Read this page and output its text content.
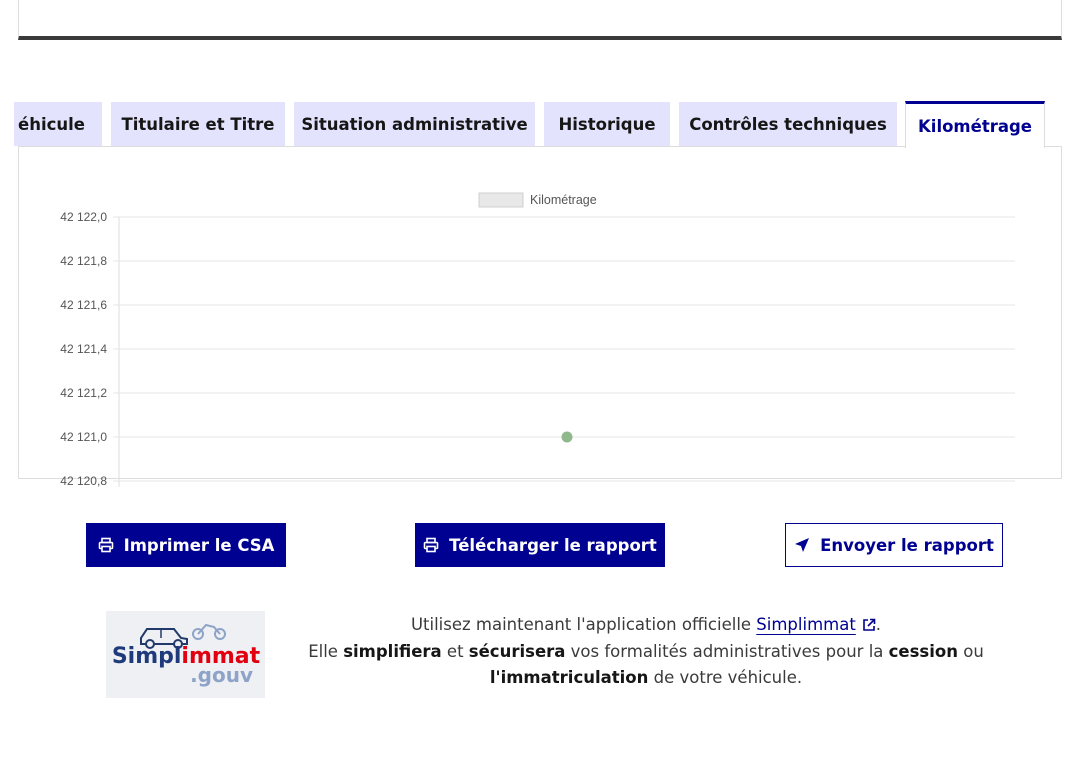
éhicule Titulaire et Titre Situation administrative Historique Contrôles techniques Kilométrage
42 122,0
42 121,8
42 121,6
42 121,4
42 121,2
42 121,0
42 120,8
Kilométrage
Imprimer le CSA	Télécharger le rapport	Envoyer le rapport
Simplimmat
.gouv
Utilisez maintenant l'application officielle Simplimmat .
Elle simplifiera et sécurisera vos formalités administratives pour la cession ou
l'immatriculation de votre véhicule.
